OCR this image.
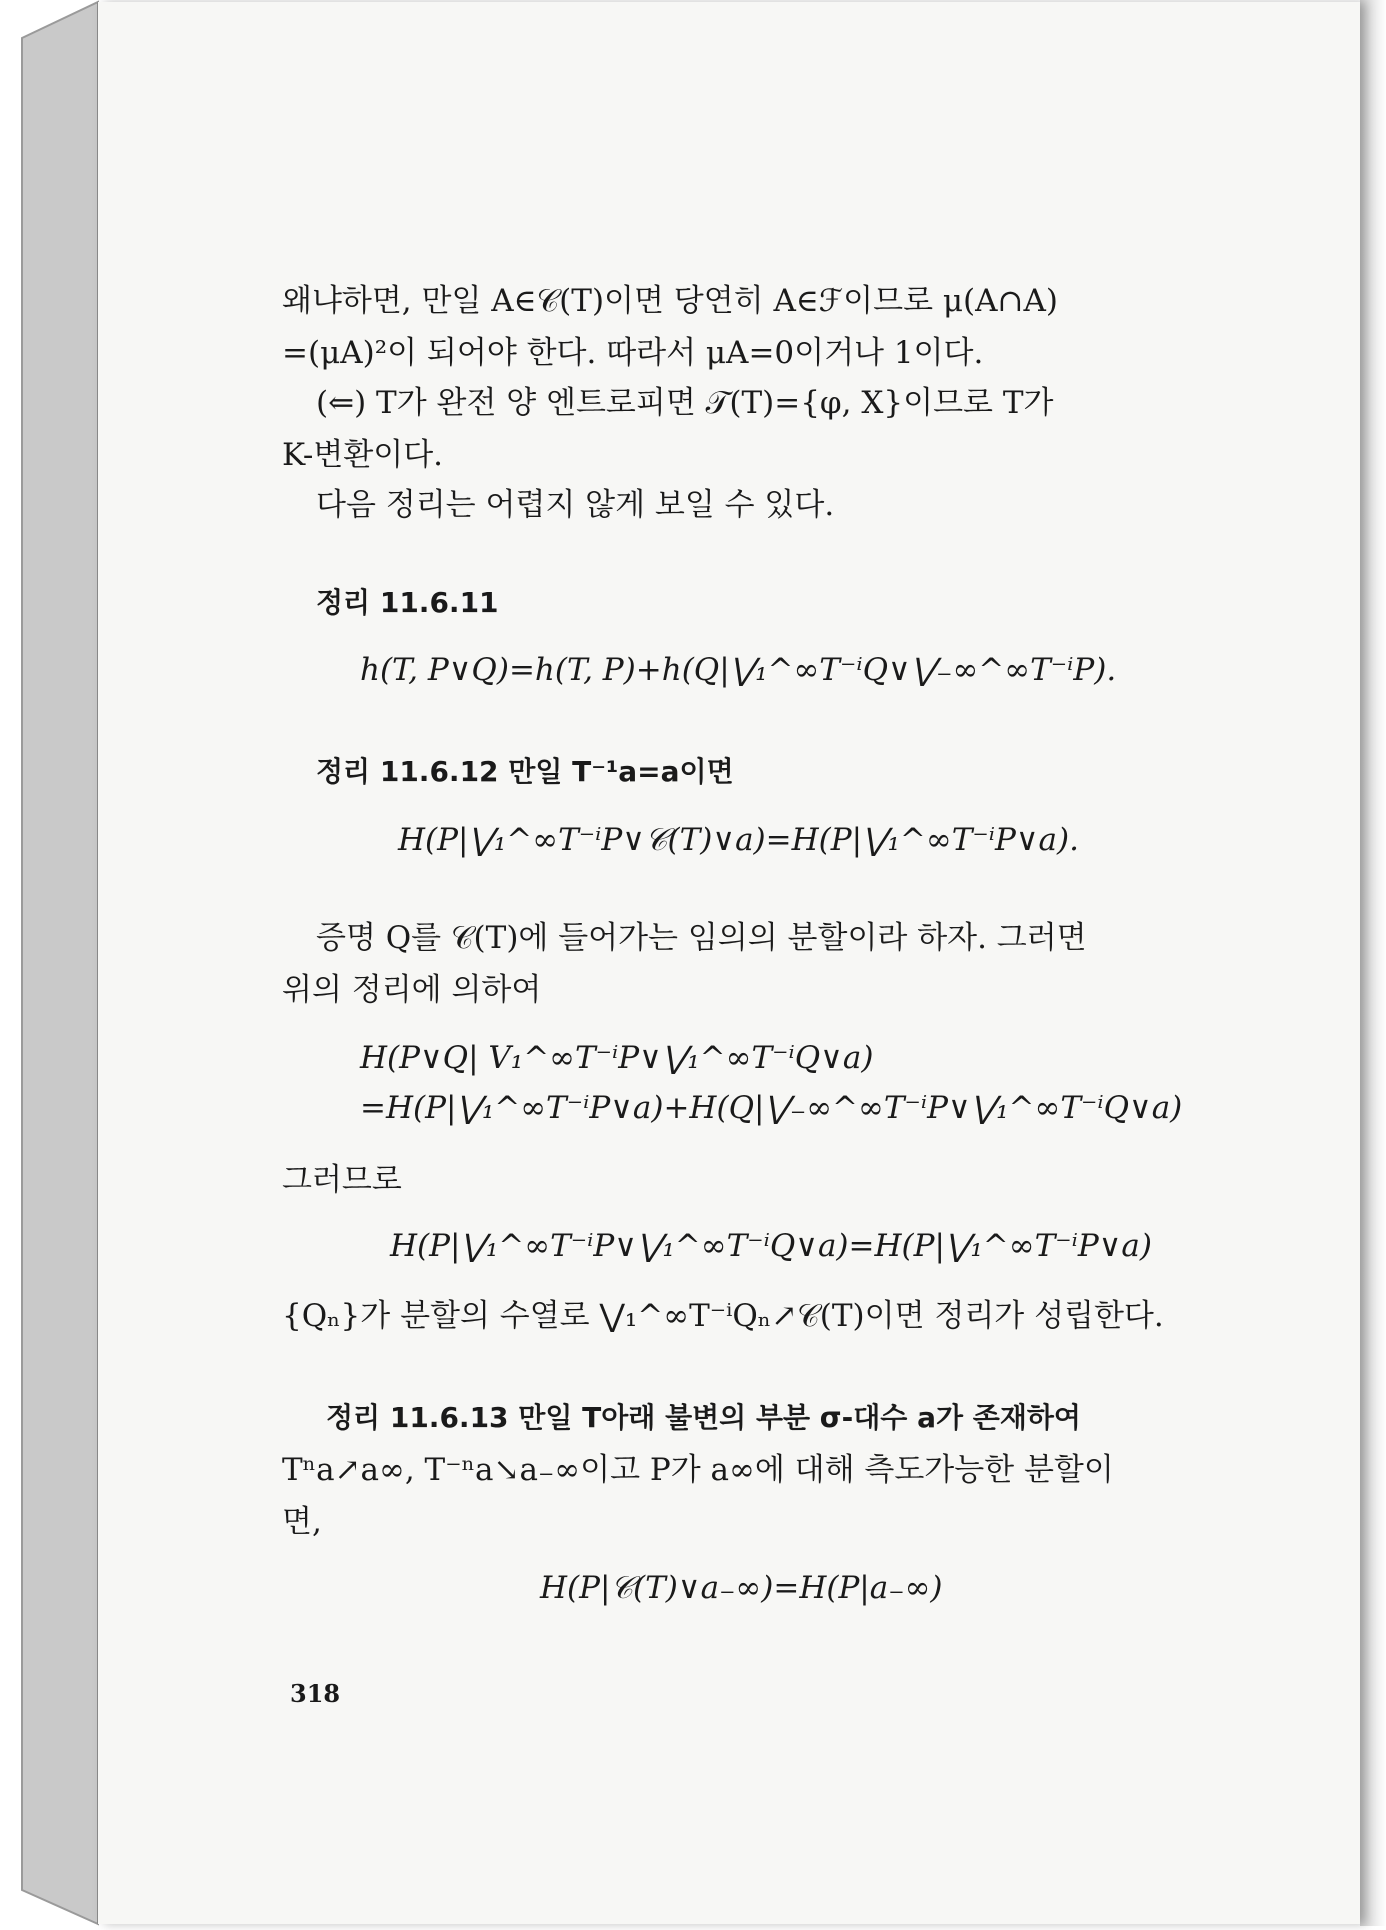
왜냐하면, 만일 A∈𝒞(T)이면 당연히 A∈ℱ이므로 μ(A∩A)
=(μA)²이 되어야 한다. 따라서 μA=0이거나 1이다.
(⇐) T가 완전 양 엔트로피면 𝒯(T)={φ, X}이므로 T가
K-변환이다.
다음 정리는 어렵지 않게 보일 수 있다.
정리 11.6.11
h(T, P∨Q)=h(T, P)+h(Q|⋁₁^∞T⁻ⁱQ∨⋁₋∞^∞T⁻ⁱP).
정리 11.6.12 만일 T⁻¹a=a이면
H(P|⋁₁^∞T⁻ⁱP∨𝒞(T)∨a)=H(P|⋁₁^∞T⁻ⁱP∨a).
증명 Q를 𝒞(T)에 들어가는 임의의 분할이라 하자. 그러면
위의 정리에 의하여
H(P∨Q| V₁^∞T⁻ⁱP∨⋁₁^∞T⁻ⁱQ∨a)
=H(P|⋁₁^∞T⁻ⁱP∨a)+H(Q|⋁₋∞^∞T⁻ⁱP∨⋁₁^∞T⁻ⁱQ∨a)
그러므로
H(P|⋁₁^∞T⁻ⁱP∨⋁₁^∞T⁻ⁱQ∨a)=H(P|⋁₁^∞T⁻ⁱP∨a)
{Qₙ}가 분할의 수열로 ⋁₁^∞T⁻ⁱQₙ↗𝒞(T)이면 정리가 성립한다.
정리 11.6.13 만일 T아래 불변의 부분 σ-대수 a가 존재하여
Tⁿa↗a∞, T⁻ⁿa↘a₋∞이고 P가 a∞에 대해 측도가능한 분할이
면,
H(P|𝒞(T)∨a₋∞)=H(P|a₋∞)
318
